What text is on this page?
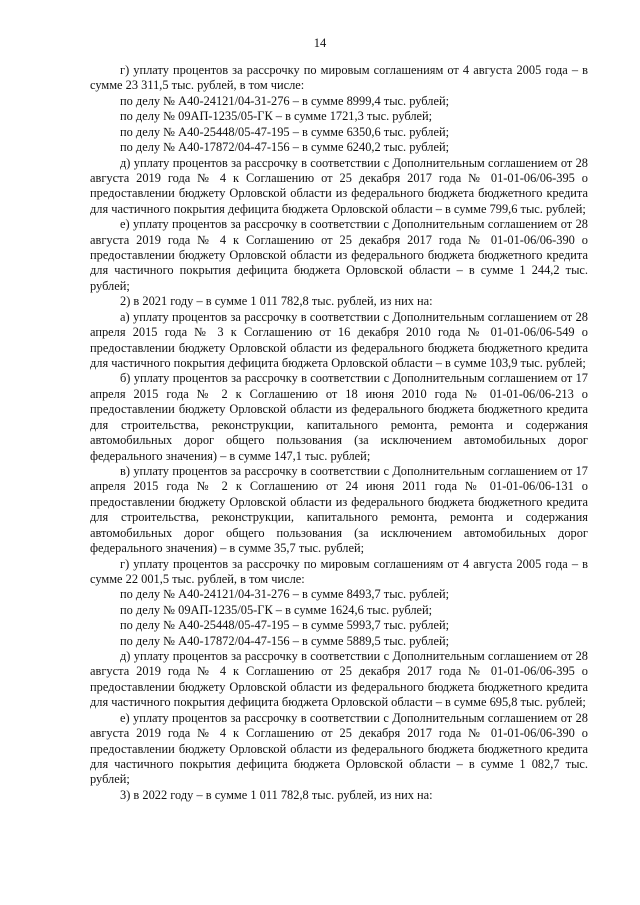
14

г) уплату процентов за рассрочку по мировым соглашениям от 4 августа 2005 года – в сумме 23 311,5 тыс. рублей, в том числе:

по делу № А40-24121/04-31-276 – в сумме 8999,4 тыс. рублей;

по делу № 09АП-1235/05-ГК – в сумме 1721,3 тыс. рублей;

по делу № А40-25448/05-47-195 – в сумме 6350,6 тыс. рублей;

по делу № А40-17872/04-47-156 – в сумме 6240,2 тыс. рублей;

д) уплату процентов за рассрочку в соответствии с Дополнительным соглашением от 28 августа 2019 года № 4 к Соглашению от 25 декабря 2017 года № 01-01-06/06-395 о предоставлении бюджету Орловской области из федерального бюджета бюджетного кредита для частичного покрытия дефицита бюджета Орловской области – в сумме 799,6 тыс. рублей;

е) уплату процентов за рассрочку в соответствии с Дополнительным соглашением от 28 августа 2019 года № 4 к Соглашению от 25 декабря 2017 года № 01-01-06/06-390 о предоставлении бюджету Орловской области из федерального бюджета бюджетного кредита для частичного покрытия дефицита бюджета Орловской области – в сумме 1 244,2 тыс. рублей;

2) в 2021 году – в сумме 1 011 782,8 тыс. рублей, из них на:

а) уплату процентов за рассрочку в соответствии с Дополнительным соглашением от 28 апреля 2015 года № 3 к Соглашению от 16 декабря 2010 года № 01-01-06/06-549 о предоставлении бюджету Орловской области из федерального бюджета бюджетного кредита для частичного покрытия дефицита бюджета Орловской области – в сумме 103,9 тыс. рублей;

б) уплату процентов за рассрочку в соответствии с Дополнительным соглашением от 17 апреля 2015 года № 2 к Соглашению от 18 июня 2010 года № 01-01-06/06-213 о предоставлении бюджету Орловской области из федерального бюджета бюджетного кредита для строительства, реконструкции, капитального ремонта, ремонта и содержания автомобильных дорог общего пользования (за исключением автомобильных дорог федерального значения) – в сумме 147,1 тыс. рублей;

в) уплату процентов за рассрочку в соответствии с Дополнительным соглашением от 17 апреля 2015 года № 2 к Соглашению от 24 июня 2011 года № 01-01-06/06-131 о предоставлении бюджету Орловской области из федерального бюджета бюджетного кредита для строительства, реконструкции, капитального ремонта, ремонта и содержания автомобильных дорог общего пользования (за исключением автомобильных дорог федерального значения) – в сумме 35,7 тыс. рублей;

г) уплату процентов за рассрочку по мировым соглашениям от 4 августа 2005 года – в сумме 22 001,5 тыс. рублей, в том числе:

по делу № А40-24121/04-31-276 – в сумме 8493,7 тыс. рублей;

по делу № 09АП-1235/05-ГК – в сумме 1624,6 тыс. рублей;

по делу № А40-25448/05-47-195 – в сумме 5993,7 тыс. рублей;

по делу № А40-17872/04-47-156 – в сумме 5889,5 тыс. рублей;

д) уплату процентов за рассрочку в соответствии с Дополнительным соглашением от 28 августа 2019 года № 4 к Соглашению от 25 декабря 2017 года № 01-01-06/06-395 о предоставлении бюджету Орловской области из федерального бюджета бюджетного кредита для частичного покрытия дефицита бюджета Орловской области – в сумме 695,8 тыс. рублей;

е) уплату процентов за рассрочку в соответствии с Дополнительным соглашением от 28 августа 2019 года № 4 к Соглашению от 25 декабря 2017 года № 01-01-06/06-390 о предоставлении бюджету Орловской области из федерального бюджета бюджетного кредита для частичного покрытия дефицита бюджета Орловской области – в сумме 1 082,7 тыс. рублей;

3) в 2022 году – в сумме 1 011 782,8 тыс. рублей, из них на:
